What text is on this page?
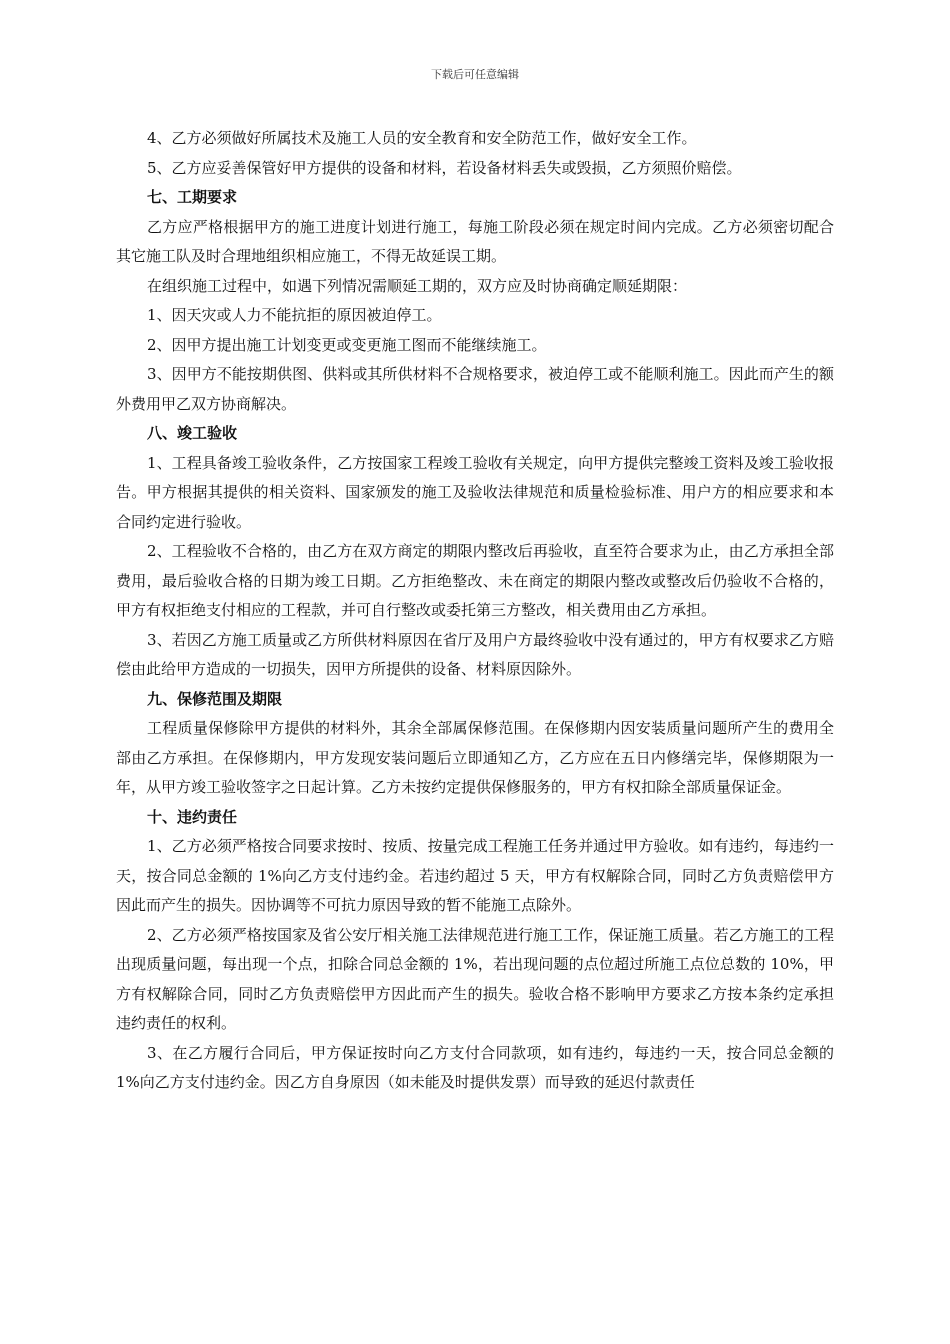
下载后可任意编辑

4、乙方必须做好所属技术及施工人员的安全教育和安全防范工作，做好安全工作。

5、乙方应妥善保管好甲方提供的设备和材料，若设备材料丢失或毁损，乙方须照价赔偿。

七、工期要求

乙方应严格根据甲方的施工进度计划进行施工，每施工阶段必须在规定时间内完成。乙方必须密切配合其它施工队及时合理地组织相应施工，不得无故延误工期。

在组织施工过程中，如遇下列情况需顺延工期的，双方应及时协商确定顺延期限：

1、因天灾或人力不能抗拒的原因被迫停工。

2、因甲方提出施工计划变更或变更施工图而不能继续施工。

3、因甲方不能按期供图、供料或其所供材料不合规格要求，被迫停工或不能顺利施工。因此而产生的额外费用甲乙双方协商解决。

八、竣工验收

1、工程具备竣工验收条件，乙方按国家工程竣工验收有关规定，向甲方提供完整竣工资料及竣工验收报告。甲方根据其提供的相关资料、国家颁发的施工及验收法律规范和质量检验标准、用户方的相应要求和本合同约定进行验收。

2、工程验收不合格的，由乙方在双方商定的期限内整改后再验收，直至符合要求为止，由乙方承担全部费用，最后验收合格的日期为竣工日期。乙方拒绝整改、未在商定的期限内整改或整改后仍验收不合格的，甲方有权拒绝支付相应的工程款，并可自行整改或委托第三方整改，相关费用由乙方承担。

3、若因乙方施工质量或乙方所供材料原因在省厅及用户方最终验收中没有通过的，甲方有权要求乙方赔偿由此给甲方造成的一切损失，因甲方所提供的设备、材料原因除外。

九、保修范围及期限

工程质量保修除甲方提供的材料外，其余全部属保修范围。在保修期内因安装质量问题所产生的费用全部由乙方承担。在保修期内，甲方发现安装问题后立即通知乙方，乙方应在五日内修缮完毕，保修期限为一年，从甲方竣工验收签字之日起计算。乙方未按约定提供保修服务的，甲方有权扣除全部质量保证金。

十、违约责任

1、乙方必须严格按合同要求按时、按质、按量完成工程施工任务并通过甲方验收。如有违约，每违约一天，按合同总金额的 1%向乙方支付违约金。若违约超过 5 天，甲方有权解除合同，同时乙方负责赔偿甲方因此而产生的损失。因协调等不可抗力原因导致的暂不能施工点除外。

2、乙方必须严格按国家及省公安厅相关施工法律规范进行施工工作，保证施工质量。若乙方施工的工程出现质量问题，每出现一个点，扣除合同总金额的 1%，若出现问题的点位超过所施工点位总数的 10%，甲方有权解除合同，同时乙方负责赔偿甲方因此而产生的损失。验收合格不影响甲方要求乙方按本条约定承担违约责任的权利。

3、在乙方履行合同后，甲方保证按时向乙方支付合同款项，如有违约，每违约一天，按合同总金额的 1%向乙方支付违约金。因乙方自身原因（如未能及时提供发票）而导致的延迟付款责任
